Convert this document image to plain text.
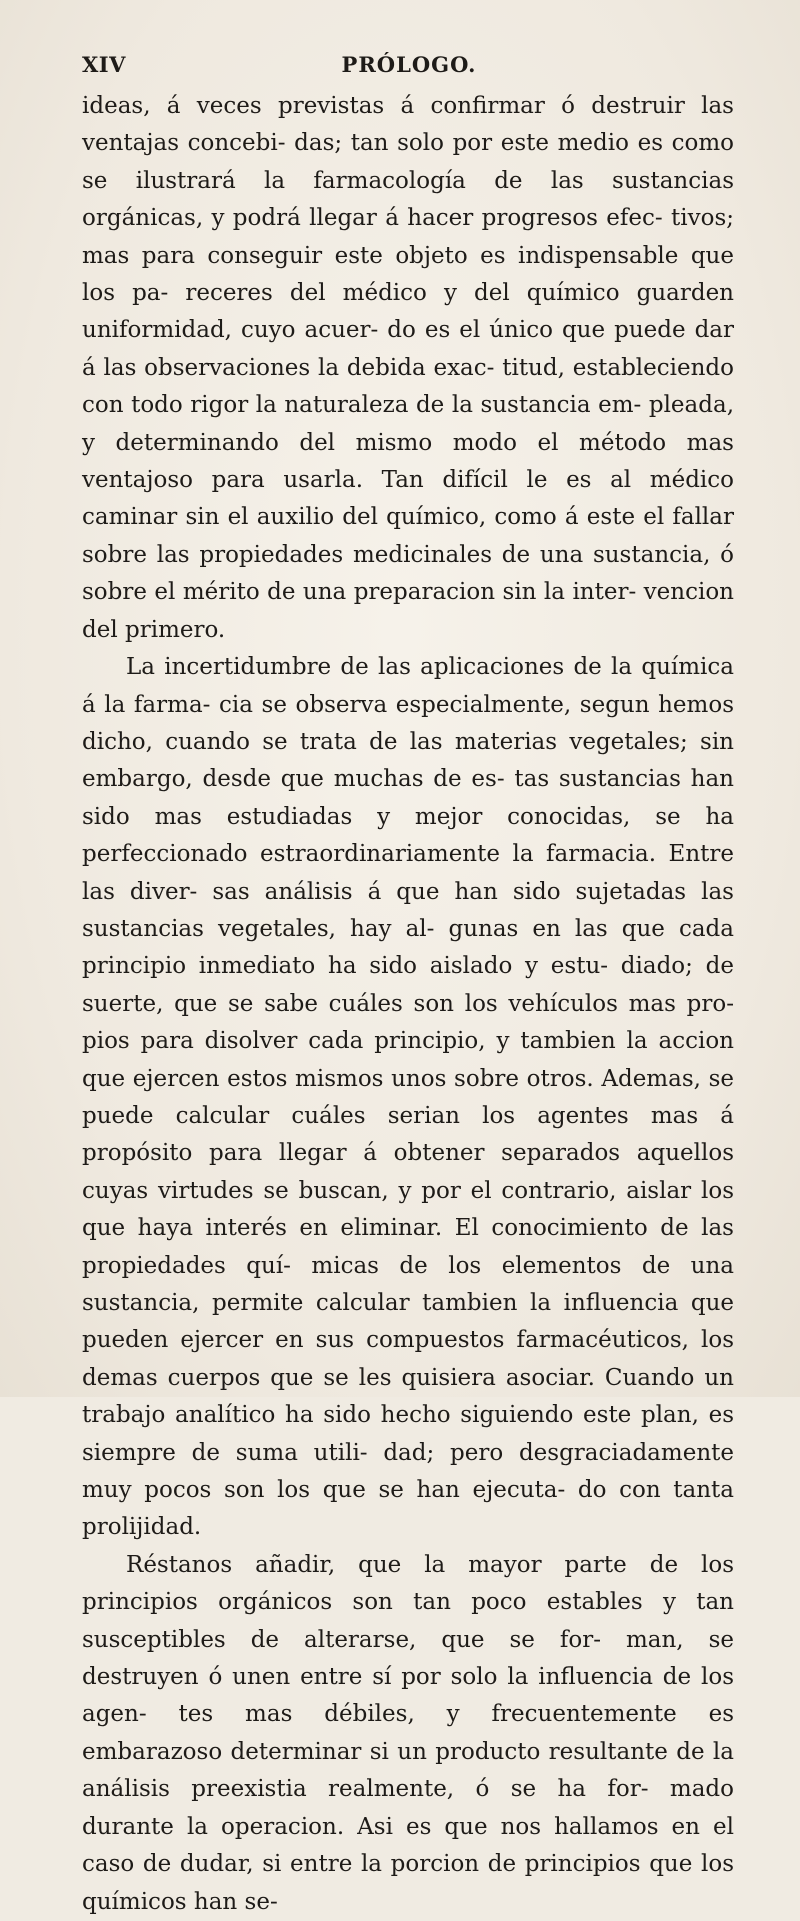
XIV	PRÓLOGO.

ideas, á veces previstas á confirmar ó destruir las ventajas concebi- das; tan solo por este medio es como se ilustrará la farmacología de las sustancias orgánicas, y podrá llegar á hacer progresos efec- tivos; mas para conseguir este objeto es indispensable que los pa- receres del médico y del químico guarden uniformidad, cuyo acuer- do es el único que puede dar á las observaciones la debida exac- titud, estableciendo con todo rigor la naturaleza de la sustancia em- pleada, y determinando del mismo modo el método mas ventajoso para usarla. Tan difícil le es al médico caminar sin el auxilio del químico, como á este el fallar sobre las propiedades medicinales de una sustancia, ó sobre el mérito de una preparacion sin la inter- vencion del primero.

La incertidumbre de las aplicaciones de la química á la farma- cia se observa especialmente, segun hemos dicho, cuando se trata de las materias vegetales; sin embargo, desde que muchas de es- tas sustancias han sido mas estudiadas y mejor conocidas, se ha perfeccionado estraordinariamente la farmacia. Entre las diver- sas análisis á que han sido sujetadas las sustancias vegetales, hay al- gunas en las que cada principio inmediato ha sido aislado y estu- diado; de suerte, que se sabe cuáles son los vehículos mas pro- pios para disolver cada principio, y tambien la accion que ejercen estos mismos unos sobre otros. Ademas, se puede calcular cuáles serian los agentes mas á propósito para llegar á obtener separados aquellos cuyas virtudes se buscan, y por el contrario, aislar los que haya interés en eliminar. El conocimiento de las propiedades quí- micas de los elementos de una sustancia, permite calcular tambien la influencia que pueden ejercer en sus compuestos farmacéuticos, los demas cuerpos que se les quisiera asociar. Cuando un trabajo analítico ha sido hecho siguiendo este plan, es siempre de suma utili- dad; pero desgraciadamente muy pocos son los que se han ejecuta- do con tanta prolijidad.

Réstanos añadir, que la mayor parte de los principios orgánicos son tan poco estables y tan susceptibles de alterarse, que se for- man, se destruyen ó unen entre sí por solo la influencia de los agen- tes mas débiles, y frecuentemente es embarazoso determinar si un producto resultante de la análisis preexistia realmente, ó se ha for- mado durante la operacion. Asi es que nos hallamos en el caso de dudar, si entre la porcion de principios que los químicos han se-
